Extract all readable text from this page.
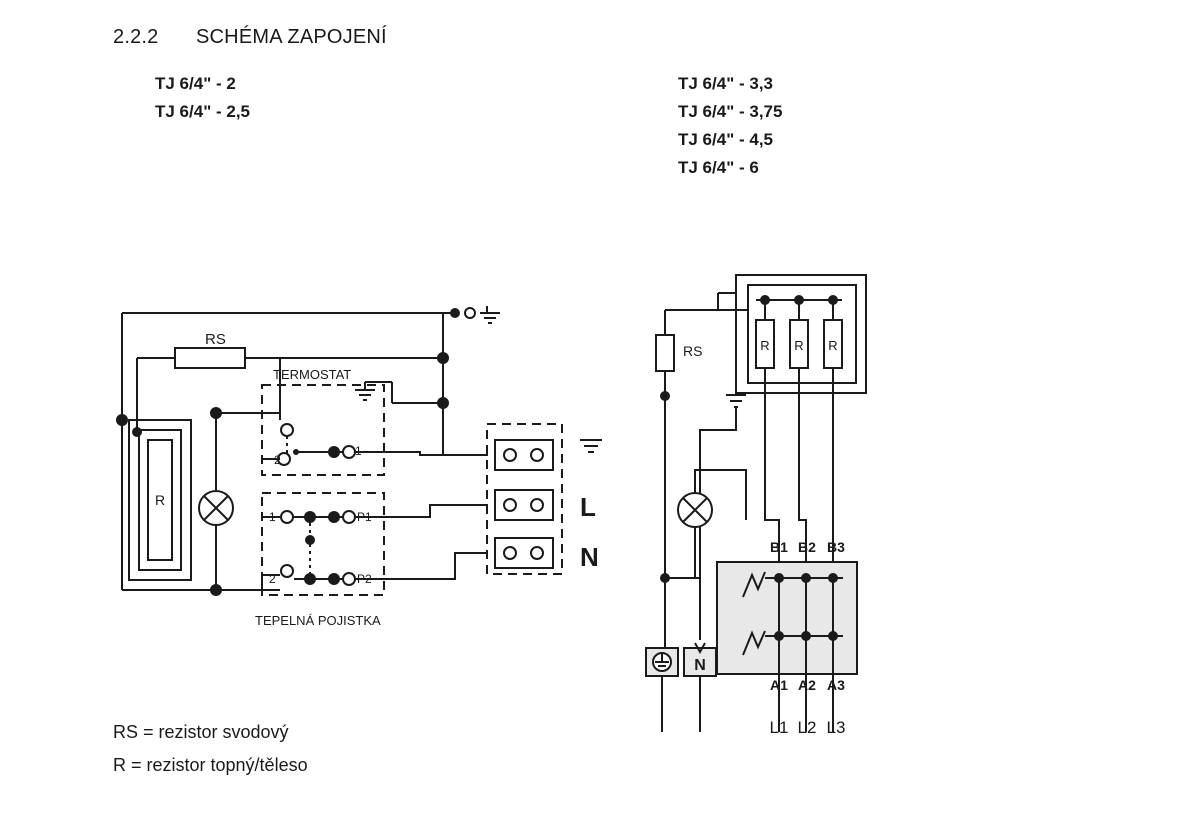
2.2.2 SCHÉMA ZAPOJENÍ
TJ 6/4" - 2
TJ 6/4" - 2,5
TJ 6/4" - 3,3
TJ 6/4" - 3,75
TJ 6/4" - 4,5
TJ 6/4" - 6
RS = rezistor svodový
R = rezistor topný/těleso
R
TERMOSTAT
2
1
TEPELNÁ POJISTKA
1
2
P1
P2
L
N
RS	R R R
RS
B1 B2 B3
A1 A2 A3
L1 L2 L3
N
